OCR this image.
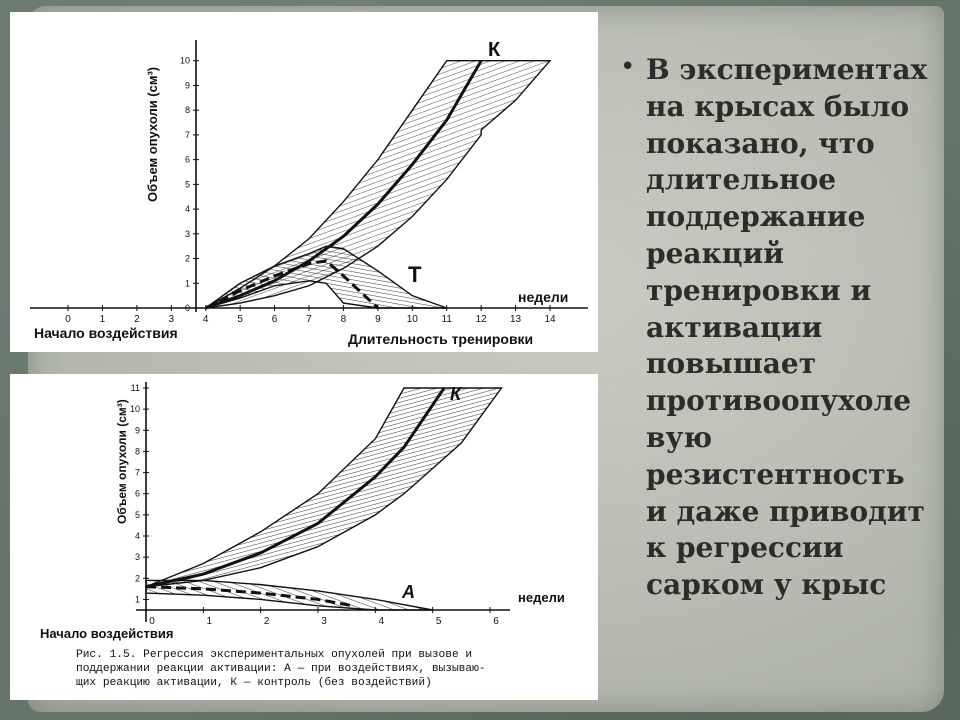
0	1	2	3	4	5	6	7	8	9	10 11 12 13 14
0
1
2
3
4
5
6
7
8
9
10
Объем опухоли (см³)
недели
Начало воздействия	Длительность тренировки
К
Т
0	1	2	3	4	5	6
1
2
3
4
5
6
7
8
9
10
11
Объем опухоли (см³)
недели
Начало воздействия
К
А
Рис. 1.5. Регрессия экспериментальных опухолей при вызове и
поддержании реакции активации: А — при воздействиях, вызываю-
щих реакцию активации, К — контроль (без воздействий)
• В экспериментах
на крысах было
показано, что
длительное
поддержание
реакций
тренировки и
активации
повышает
противоопухоле
вую
резистентность
и даже приводит
к регрессии
сарком у крыс
